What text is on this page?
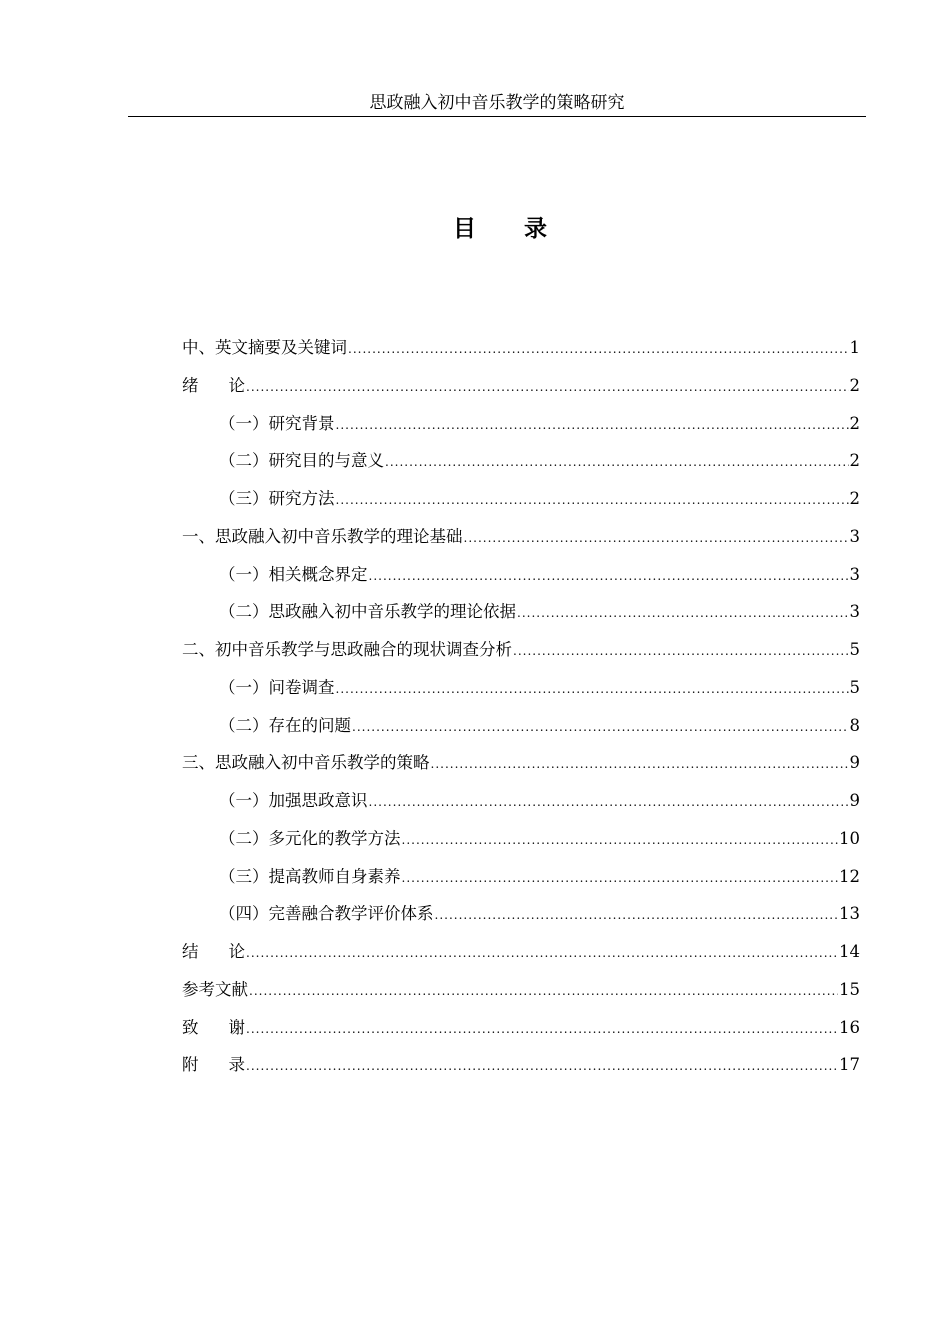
思政融入初中音乐教学的策略研究
目 录
中、英文摘要及关键词 .....	1
绪论 .....	2
（一）研究背景 .....	2
（二）研究目的与意义 .....	2
（三）研究方法 .....	2
一、思政融入初中音乐教学的理论基础 .....	3
（一）相关概念界定 .....	3
（二）思政融入初中音乐教学的理论依据 .....	3
二、初中音乐教学与思政融合的现状调查分析 .....	5
（一）问卷调查 .....	5
（二）存在的问题 .....	8
三、思政融入初中音乐教学的策略 .....	9
（一）加强思政意识 .....	9
（二）多元化的教学方法 .....	10
（三）提高教师自身素养 .....	12
（四）完善融合教学评价体系 .....	13
结论 .....	14
参考文献 .....	15
致谢 .....	16
附录 .....	17
